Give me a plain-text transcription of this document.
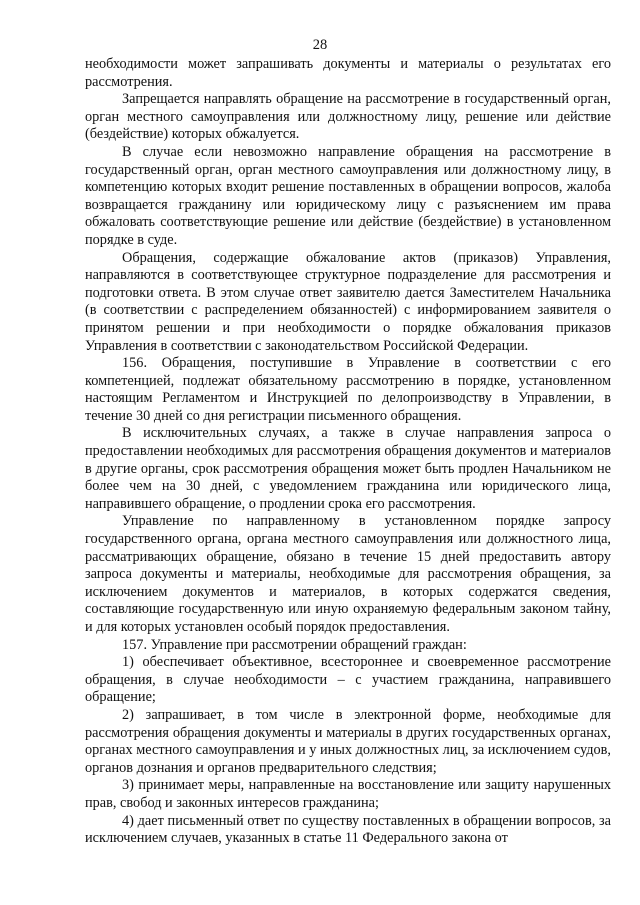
28

необходимости может запрашивать документы и материалы о результатах его рассмотрения.

Запрещается направлять обращение на рассмотрение в государственный орган, орган местного самоуправления или должностному лицу, решение или действие (бездействие) которых обжалуется.

В случае если невозможно направление обращения на рассмотрение в государственный орган, орган местного самоуправления или должностному лицу, в компетенцию которых входит решение поставленных в обращении вопросов, жалоба возвращается гражданину или юридическому лицу с разъяснением им права обжаловать соответствующие решение или действие (бездействие) в установленном порядке в суде.

Обращения, содержащие обжалование актов (приказов) Управления, направляются в соответствующее структурное подразделение для рассмотрения и подготовки ответа. В этом случае ответ заявителю дается Заместителем Начальника (в соответствии с распределением обязанностей) с информированием заявителя о принятом решении и при необходимости о порядке обжалования приказов Управления в соответствии с законодательством Российской Федерации.

156. Обращения, поступившие в Управление в соответствии с его компетенцией, подлежат обязательному рассмотрению в порядке, установленном настоящим Регламентом и Инструкцией по делопроизводству в Управлении, в течение 30 дней со дня регистрации письменного обращения.

В исключительных случаях, а также в случае направления запроса о предоставлении необходимых для рассмотрения обращения документов и материалов в другие органы, срок рассмотрения обращения может быть продлен Начальником не более чем на 30 дней, с уведомлением гражданина или юридического лица, направившего обращение, о продлении срока его рассмотрения.

Управление по направленному в установленном порядке запросу государственного органа, органа местного самоуправления или должностного лица, рассматривающих обращение, обязано в течение 15 дней предоставить автору запроса документы и материалы, необходимые для рассмотрения обращения, за исключением документов и материалов, в которых содержатся сведения, составляющие государственную или иную охраняемую федеральным законом тайну, и для которых установлен особый порядок предоставления.

157. Управление при рассмотрении обращений граждан:

1) обеспечивает объективное, всестороннее и своевременное рассмотрение обращения, в случае необходимости – с участием гражданина, направившего обращение;

2) запрашивает, в том числе в электронной форме, необходимые для рассмотрения обращения документы и материалы в других государственных органах, органах местного самоуправления и у иных должностных лиц, за исключением судов, органов дознания и органов предварительного следствия;

3) принимает меры, направленные на восстановление или защиту нарушенных прав, свобод и законных интересов гражданина;

4) дает письменный ответ по существу поставленных в обращении вопросов, за исключением случаев, указанных в статье 11 Федерального закона от
